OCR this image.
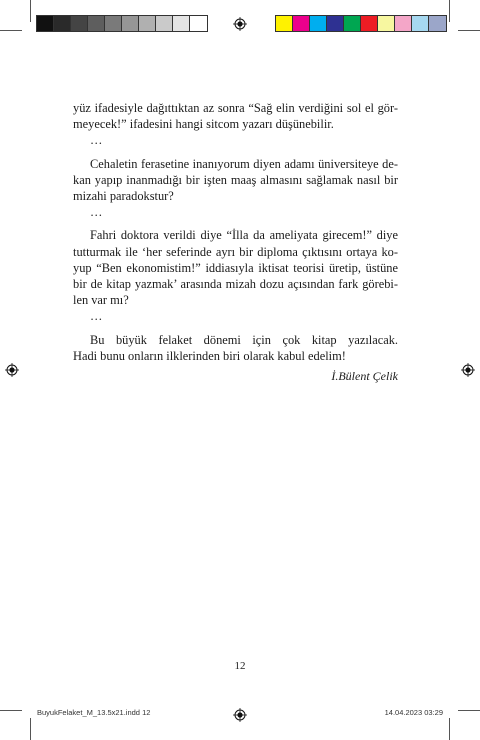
yüz ifadesiyle dağıttıktan az sonra “Sağ elin verdiğini sol el gör-
meyecek!” ifadesini hangi sitcom yazarı düşünebilir.

…

Cehaletin ferasetine inanıyorum diyen adamı üniversiteye de-
kan yapıp inanmadığı bir işten maaş almasını sağlamak nasıl bir
mizahi paradokstur?

…

Fahri doktora verildi diye “İlla da ameliyata girecem!” diye
tutturmak ile ‘her seferinde ayrı bir diploma çıktısını ortaya ko-
yup “Ben ekonomistim!” iddiasıyla iktisat teorisi üretip, üstüne
bir de kitap yazmak’ arasında mizah dozu açısından fark görebi-
len var mı?

…

Bu büyük felaket dönemi için çok kitap yazılacak.
Hadi bunu onların ilklerinden biri olarak kabul edelim!

İ.Bülent Çelik
12
BuyukFelaket_M_13.5x21.indd 12	14.04.2023 03:29
